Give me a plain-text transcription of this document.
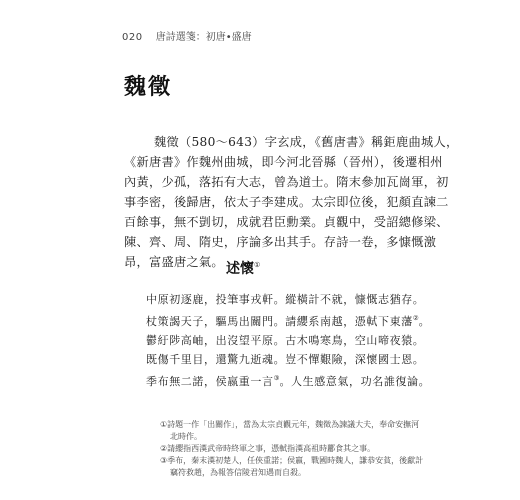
020 唐詩選箋：初唐•盛唐
魏徵

魏徵（580～643）字玄成，《舊唐書》稱鉅鹿曲城人，
《新唐書》作魏州曲城，即今河北晉縣（晉州），後遷相州
內黃，少孤，落拓有大志，曾為道士。隋末參加瓦崗軍，初
事李密，後歸唐，依太子李建成。太宗即位後，犯顏直諫二
百餘事，無不剴切，成就君臣勳業。貞觀中，受詔總修梁、
陳、齊、周、隋史，序論多出其手。存詩一卷，多慷慨激
昂，富盛唐之氣。 述懷①
中原初逐鹿，投筆事戎軒。縱橫計不就，慷慨志猶存。
杖策謁天子，驅馬出關門。請纓系南越，憑軾下東藩②。
鬱紆陟高岫，出沒望平原。古木鳴寒鳥，空山啼夜猿。
既傷千里目，還驚九逝魂。豈不憚艱險，深懷國士恩。
季布無二諾，侯嬴重一言③。人生感意氣，功名誰復論。
①詩題一作「出關作」，當為太宗貞觀元年，魏徵為諫議大夫，奉命安撫河
北時作。
②請纓指西漢武帝時終軍之事，憑軾指漢高祖時酈食其之事。
③季布，秦末漢初楚人，任俠重諾；侯嬴，戰國時魏人，謙恭安貧，後獻計
竊符救趙，為報答信陵君知遇而自殺。
